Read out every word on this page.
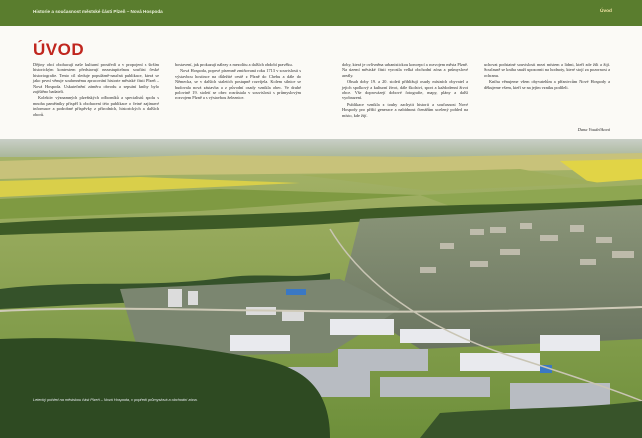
Historie a současnost městské části Plzeň – Nová Hospoda	Úvod
ÚVOD

Dějiny obcí obohacují naše kulturní prostředí a v propojení s širším historickým kontextem představují nezastupitelnou součást české historiografie. Tento cíl sleduje populárně-naučná publikace, která se jako první věnuje souhrnnému zpracování historie městské části Plzeň – Nová Hospoda. Uskutečnění záměru obvodu a sepsání knihy bylo zajištěno badateli.

Kolektiv významných plzeňských odborníků a specialistů spolu s mnoha pamětníky přispěl k obohacení této publikace o četné zajímavé informace a podrobné příspěvky z přírodních, historických a dalších oborů.

bostavení, jak prokazují nálezy z mezolitu a dalších období pravěku.

Nová Hospoda, poprvé písemně zmiňovaná roku 1713 v souvislosti s výstavbou hostince na důležité cestě z Plzně do Chebu a dále do Německa, se v dalších staletích postupně rozvíjela. Kolem silnice se budovala nová zástavba a z původní osady vznikla obec. Ve druhé polovině 19. století se obec rozrůstala v souvislosti s průmyslovým rozvojem Plzně a s výstavbou železnice.

doby, která je ovlivněna urbanistickou koncepcí a rozvojem města Plzně. Na území městské části vyrostla velká obchodní zóna a průmyslové areály.

Obsah doby 19. a 20. století přibližují osudy místních obyvatel a jejich spolkový a kulturní život, dále školství, sport a každodenní život obce. Vše doprovázejí dobové fotografie, mapy, plány a další vyobrazení.

Publikace vznikla z touhy zachytit historii a současnost Nové Hospody pro příští generace a nabídnout čtenářům ucelený pohled na místo, kde žijí.

uchovat podstatné souvislosti mezi místem a lidmi, kteří zde žili a žijí. Současně se kniha snaží upozornit na hodnoty, které stojí za pozornost a ochranu.

Knihu věnujeme všem obyvatelům a příznivcům Nové Hospody a děkujeme všem, kteří se na jejím vzniku podíleli.

Dana Voudelíková
Letecký pohled na městskou část Plzeň – Nová Hospoda, v popředí průmyslová a obchodní zóna.
